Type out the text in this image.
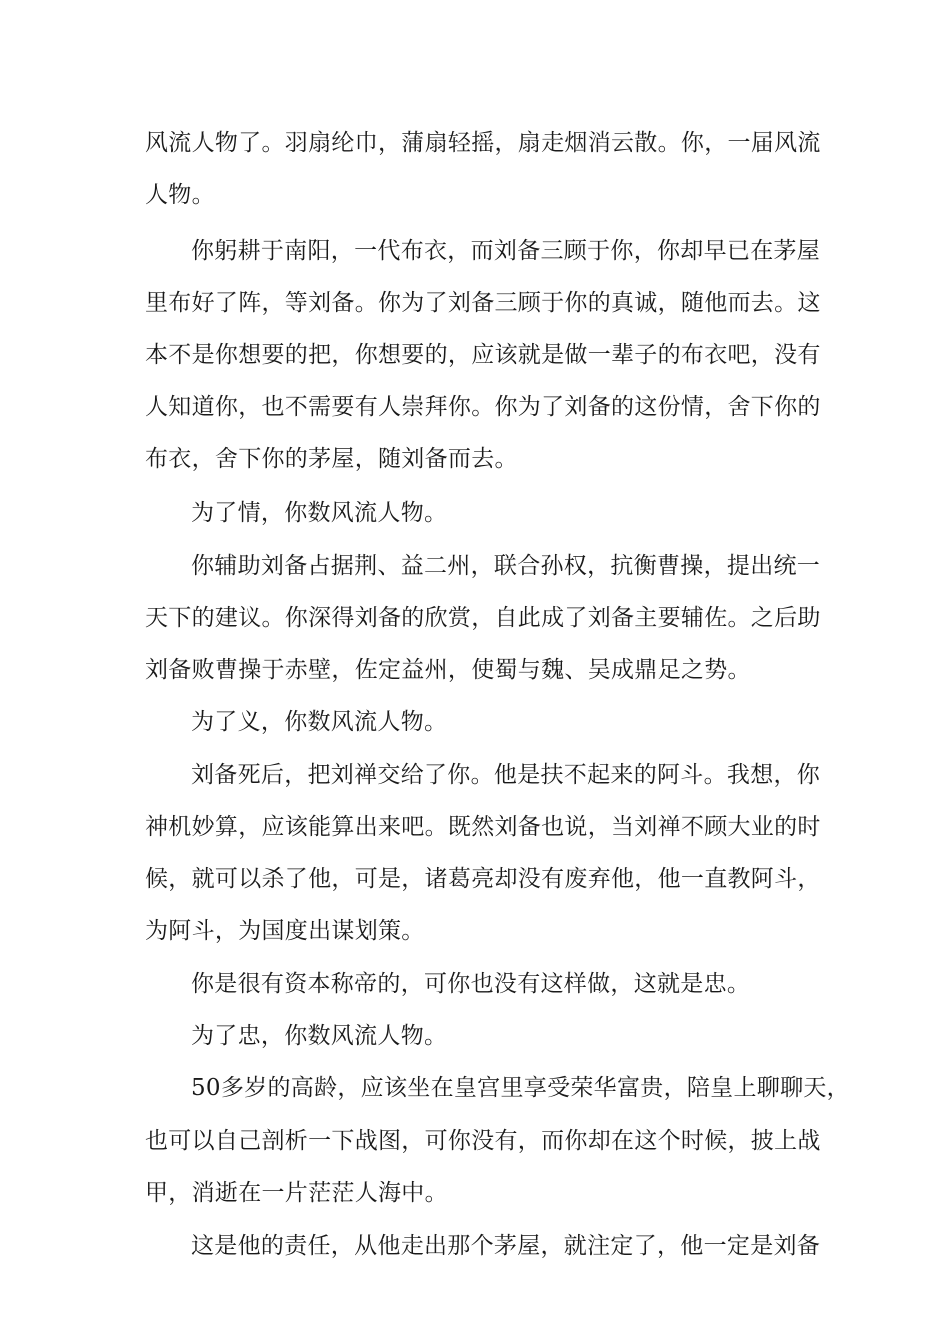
风流人物了。羽扇纶巾，蒲扇轻摇，扇走烟消云散。你，一届风流
人物。
你躬耕于南阳，一代布衣，而刘备三顾于你，你却早已在茅屋
里布好了阵，等刘备。你为了刘备三顾于你的真诚，随他而去。这
本不是你想要的把，你想要的，应该就是做一辈子的布衣吧，没有
人知道你，也不需要有人崇拜你。你为了刘备的这份情，舍下你的
布衣，舍下你的茅屋，随刘备而去。
为了情，你数风流人物。
你辅助刘备占据荆、益二州，联合孙权，抗衡曹操，提出统一
天下的建议。你深得刘备的欣赏，自此成了刘备主要辅佐。之后助
刘备败曹操于赤壁，佐定益州，使蜀与魏、吴成鼎足之势。
为了义，你数风流人物。
刘备死后，把刘禅交给了你。他是扶不起来的阿斗。我想，你
神机妙算，应该能算出来吧。既然刘备也说，当刘禅不顾大业的时
候，就可以杀了他，可是，诸葛亮却没有废弃他，他一直教阿斗，
为阿斗，为国度出谋划策。
你是很有资本称帝的，可你也没有这样做，这就是忠。
为了忠，你数风流人物。
50多岁的高龄，应该坐在皇宫里享受荣华富贵，陪皇上聊聊天，
也可以自己剖析一下战图，可你没有，而你却在这个时候，披上战
甲，消逝在一片茫茫人海中。
这是他的责任，从他走出那个茅屋，就注定了，他一定是刘备
